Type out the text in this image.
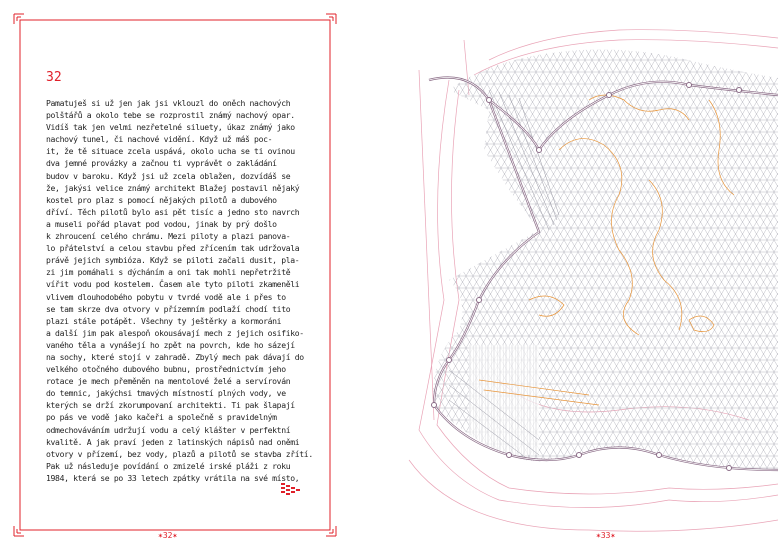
32

Pamatuješ si už jen jak jsi vklouzl do oněch nachových
polštářů a okolo tebe se rozprostil známý nachový opar.
Vidíš tak jen velmi nezřetelné siluety, úkaz známý jako
nachový tunel, či nachové vidění. Když už máš poc-
it, že tě situace zcela uspává, okolo ucha se ti ovinou
dva jemné provázky a začnou ti vyprávět o zakládání
budov v baroku. Když jsi už zcela oblažen, dozvídáš se
že, jakýsi velice známý architekt Blažej postavil nějaký
kostel pro plaz s pomocí nějakých pilotů a dubového
dříví. Těch pilotů bylo asi pět tisíc a jedno sto navrch
a museli pořád plavat pod vodou, jinak by prý došlo
k zhroucení celého chrámu. Mezi piloty a plazi panova-
lo přátelství a celou stavbu před zřícením tak udržovala
právě jejich symbióza. Když se piloti začali dusit, pla-
zi jim pomáhali s dýcháním a oni tak mohli nepřetržitě
vířit vodu pod kostelem. Časem ale tyto piloti zkameněli
vlivem dlouhodobého pobytu v tvrdé vodě ale i přes to
se tam skrze dva otvory v přízemním podlaží chodí tito
plazi stále potápět. Všechny ty ještěrky a kormoráni
a další jim pak alespoň okousávají mech z jejich osifiko-
vaného těla a vynášejí ho zpět na povrch, kde ho sázejí
na sochy, které stojí v zahradě. Zbylý mech pak dávají do
velkého otočného dubového bubnu, prostřednictvím jeho
rotace je mech přeměněn na mentolové želé a servírován
do temnic, jakýchsi tmavých místností plných vody, ve
kterých se drží zkorumpovaní architekti. Ti pak šlapají
po pás ve vodě jako kačeři a společně s pravidelným
odmechováváním udržují vodu a celý klášter v perfektní
kvalitě. A jak praví jeden z latinských nápisů nad oněmi
otvory v přízemí, bez vody, plazů a pilotů se stavba zřítí.
Pak už následuje povídání o zmizelé irské pláži z roku
1984, která se po 33 letech zpátky vrátila na své místo,

✶32✶	✶33✶
